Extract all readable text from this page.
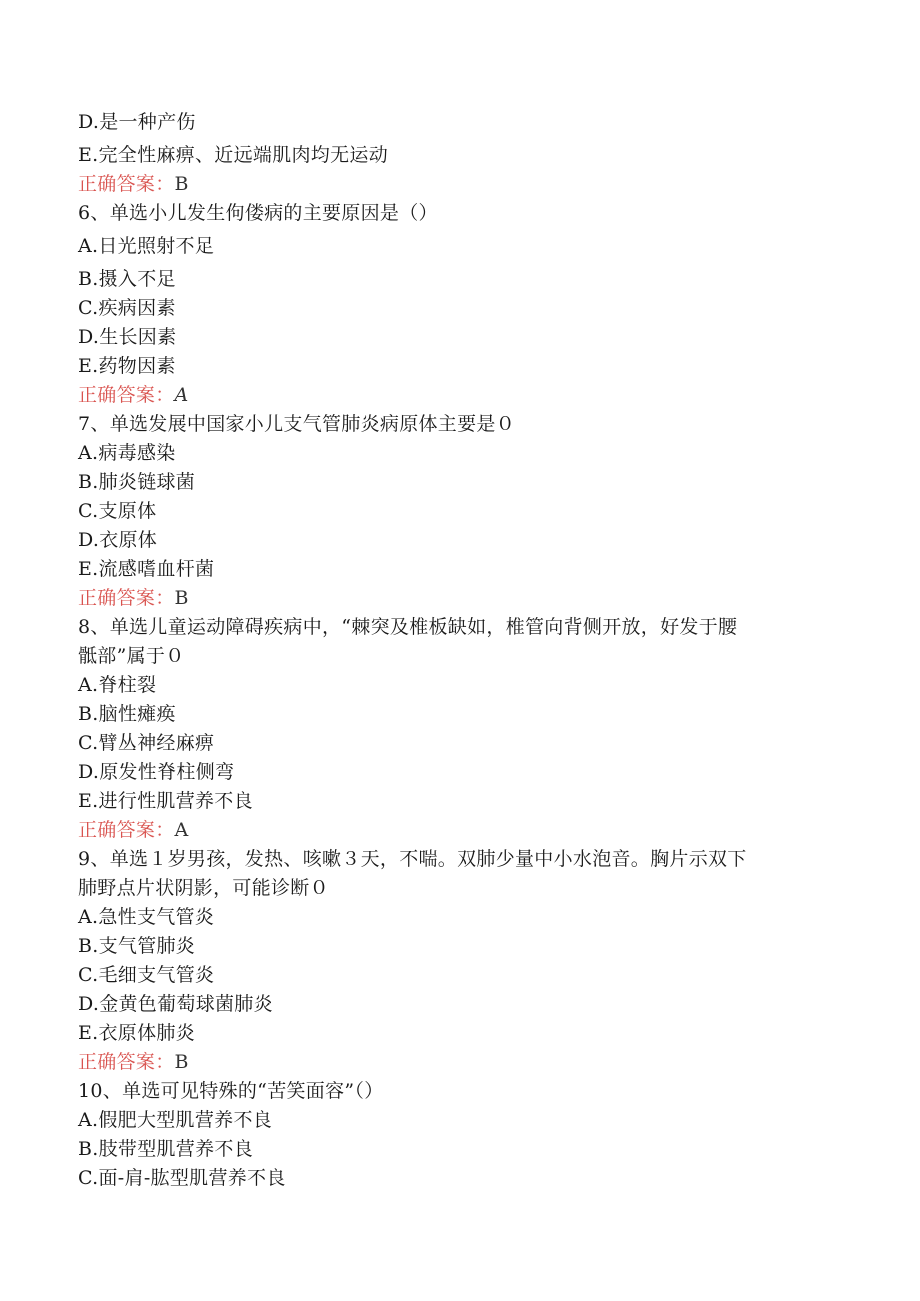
D.是一种产伤
E.完全性麻痹、近远端肌肉均无运动
正确答案：B
6、单选小儿发生佝偻病的主要原因是（）
A.日光照射不足
B.摄入不足
C.疾病因素
D.生长因素
E.药物因素
正确答案：A
7、单选发展中国家小儿支气管肺炎病原体主要是０
A.病毒感染
B.肺炎链球菌
C.支原体
D.衣原体
E.流感嗜血杆菌
正确答案：B
8、单选儿童运动障碍疾病中，“棘突及椎板缺如，椎管向背侧开放，好发于腰
骶部”属于０
A.脊柱裂
B.脑性瘫痪
C.臂丛神经麻痹
D.原发性脊柱侧弯
E.进行性肌营养不良
正确答案：A
9、单选１岁男孩，发热、咳嗽３天，不喘。双肺少量中小水泡音。胸片示双下
肺野点片状阴影，可能诊断０
A.急性支气管炎
B.支气管肺炎
C.毛细支气管炎
D.金黄色葡萄球菌肺炎
E.衣原体肺炎
正确答案：B
10、单选可见特殊的“苦笑面容”（）
A.假肥大型肌营养不良
B.肢带型肌营养不良
C.面-肩-肱型肌营养不良
